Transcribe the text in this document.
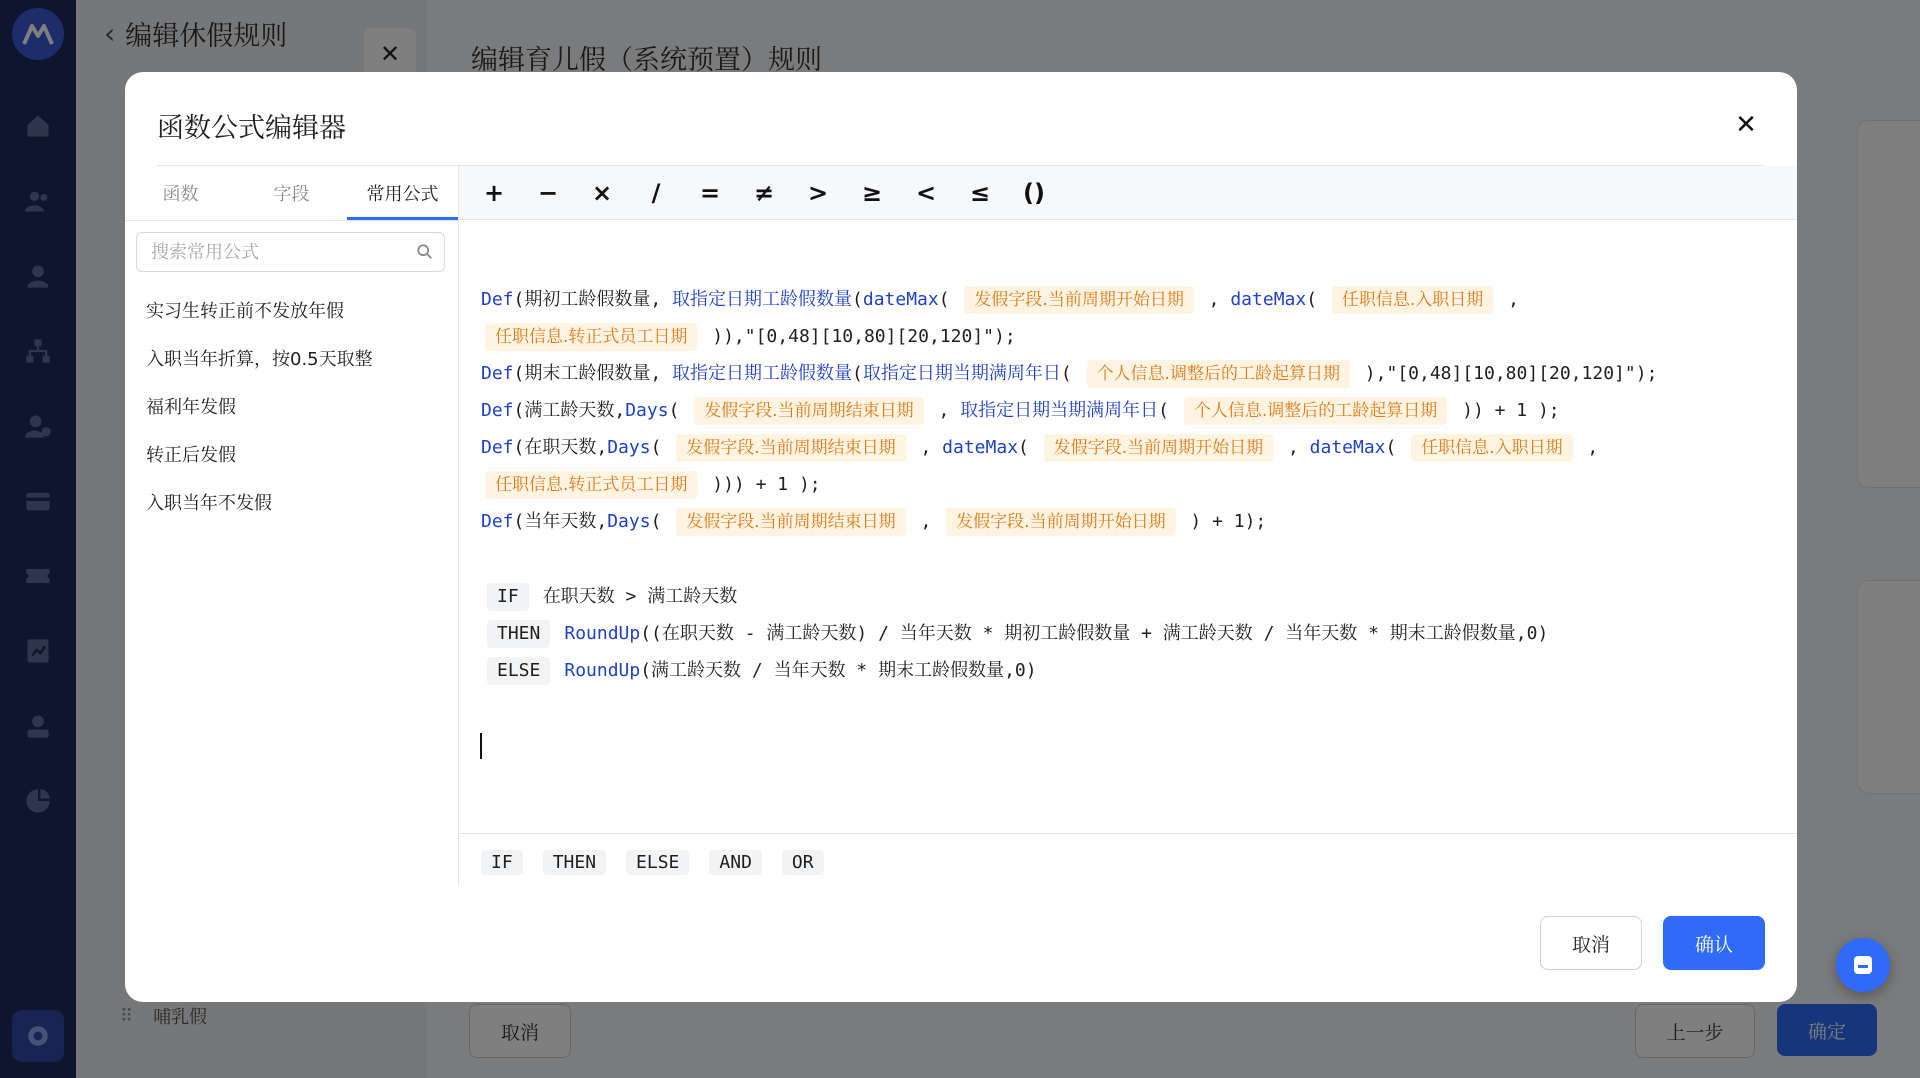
函数公式编辑器	✕
函数	字段	常用公式
搜索常用公式
实习生转正前不发放年假
入职当年折算，按0.5天取整
福利年发假
转正后发假
入职当年不发假
+	−	×	/	=	≠	>	≥	<	≤	()
Def(期初工龄假数量, 取指定日期工龄假数量(dateMax( 发假字段.当前周期开始日期 , dateMax( 任职信息.入职日期 ,
任职信息.转正式员工日期 )),"[0,48][10,80][20,120]");
Def(期末工龄假数量, 取指定日期工龄假数量(取指定日期当期满周年日( 个人信息.调整后的工龄起算日期 ),"[0,48][10,80][20,120]");
Def(满工龄天数,Days( 发假字段.当前周期结束日期 , 取指定日期当期满周年日( 个人信息.调整后的工龄起算日期 )) + 1 );
Def(在职天数,Days( 发假字段.当前周期结束日期 , dateMax( 发假字段.当前周期开始日期 , dateMax( 任职信息.入职日期 ,
任职信息.转正式员工日期 ))) + 1 );
Def(当年天数,Days( 发假字段.当前周期结束日期 , 发假字段.当前周期开始日期 ) + 1);
IF 在职天数 > 满工龄天数
THEN RoundUp((在职天数 - 满工龄天数) / 当年天数 * 期初工龄假数量 + 满工龄天数 / 当年天数 * 期末工龄假数量,0)
ELSE RoundUp(满工龄天数 / 当年天数 * 期末工龄假数量,0)
IF	THEN	ELSE	AND	OR
取消	确认
